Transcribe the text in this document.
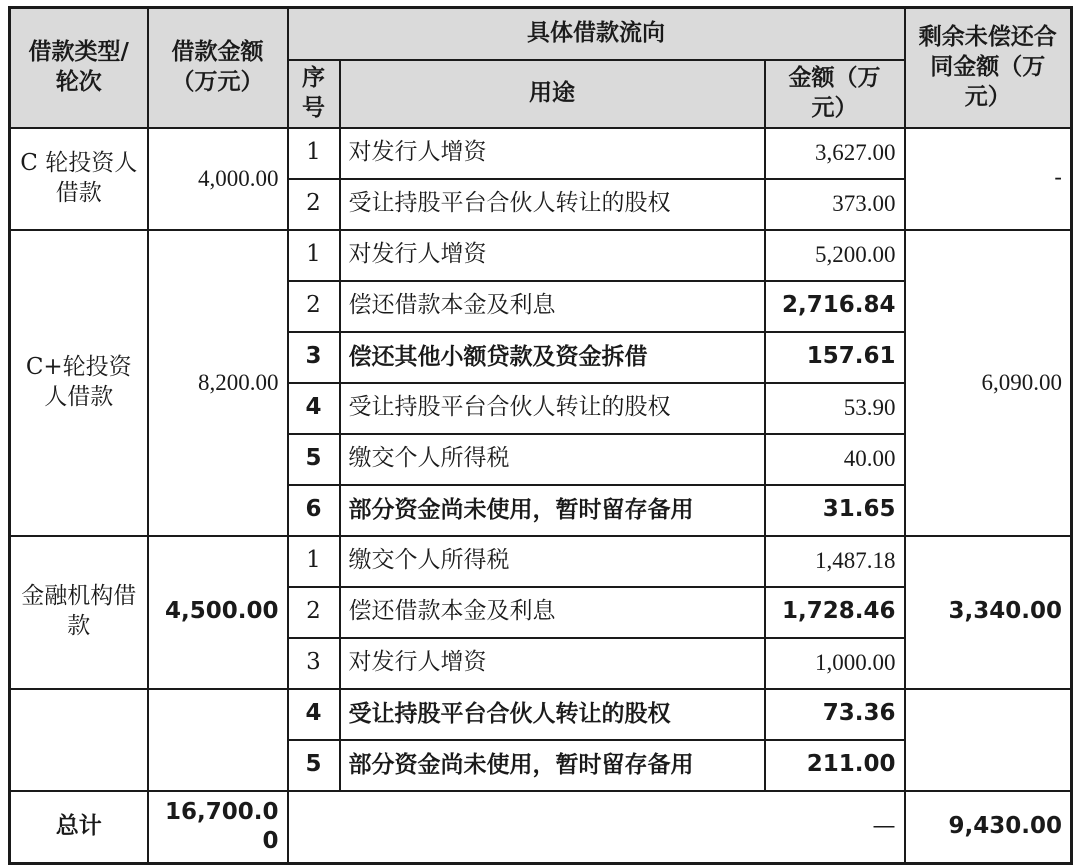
借款类型/轮次	借款金额（万元）	具体借款流向			剩余未偿还合同金额（万元）
		序号	用途	金额（万元）	
C 轮投资人借款	4,000.00	1	对发行人增资	3,627.00	-
		2	受让持股平台合伙人转让的股权	373.00	
C+轮投资人借款	8,200.00	1	对发行人增资	5,200.00	6,090.00
		2	偿还借款本金及利息	2,716.84	
		3	偿还其他小额贷款及资金拆借	157.61	
		4	受让持股平台合伙人转让的股权	53.90	
		5	缴交个人所得税	40.00	
		6	部分资金尚未使用，暂时留存备用	31.65	
金融机构借款	4,500.00	1	缴交个人所得税	1,487.18	3,340.00
		2	偿还借款本金及利息	1,728.46	
		3	对发行人增资	1,000.00	
		4	受让持股平台合伙人转让的股权	73.36	
		5	部分资金尚未使用，暂时留存备用	211.00	
总计	16,700.00	—			9,430.00
